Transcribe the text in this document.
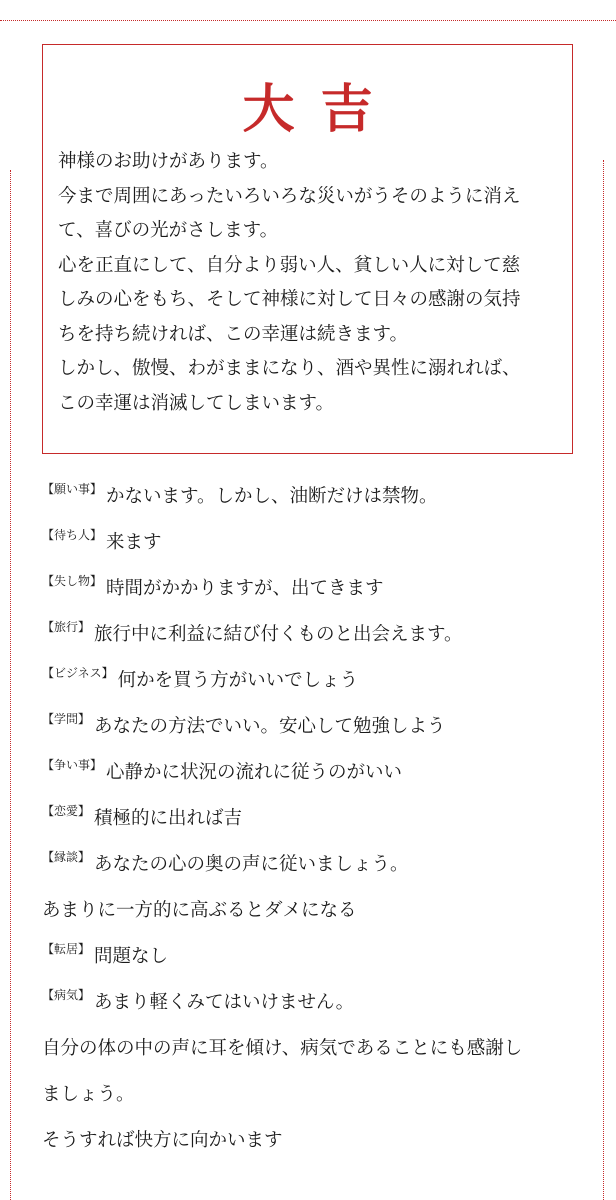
大吉

神様のお助けがあります。

今まで周囲にあったいろいろな災いがうそのように消え

て、喜びの光がさします。

心を正直にして、自分より弱い人、貧しい人に対して慈

しみの心をもち、そして神様に対して日々の感謝の気持

ちを持ち続ければ、この幸運は続きます。

しかし、傲慢、わがままになり、酒や異性に溺れれば、

この幸運は消滅してしまいます。

【願い事】 かないます。しかし、油断だけは禁物。
【待ち人】 来ます
【失し物】 時間がかかりますが、出てきます
【旅行】 旅行中に利益に結び付くものと出会えます。
【ビジネス】 何かを買う方がいいでしょう
【学問】 あなたの方法でいい。安心して勉強しよう
【争い事】 心静かに状況の流れに従うのがいい
【恋愛】 積極的に出れば吉
【縁談】 あなたの心の奥の声に従いましょう。
あまりに一方的に高ぶるとダメになる
【転居】 問題なし
【病気】 あまり軽くみてはいけません。
自分の体の中の声に耳を傾け、病気であることにも感謝し
ましょう。
そうすれば快方に向かいます
